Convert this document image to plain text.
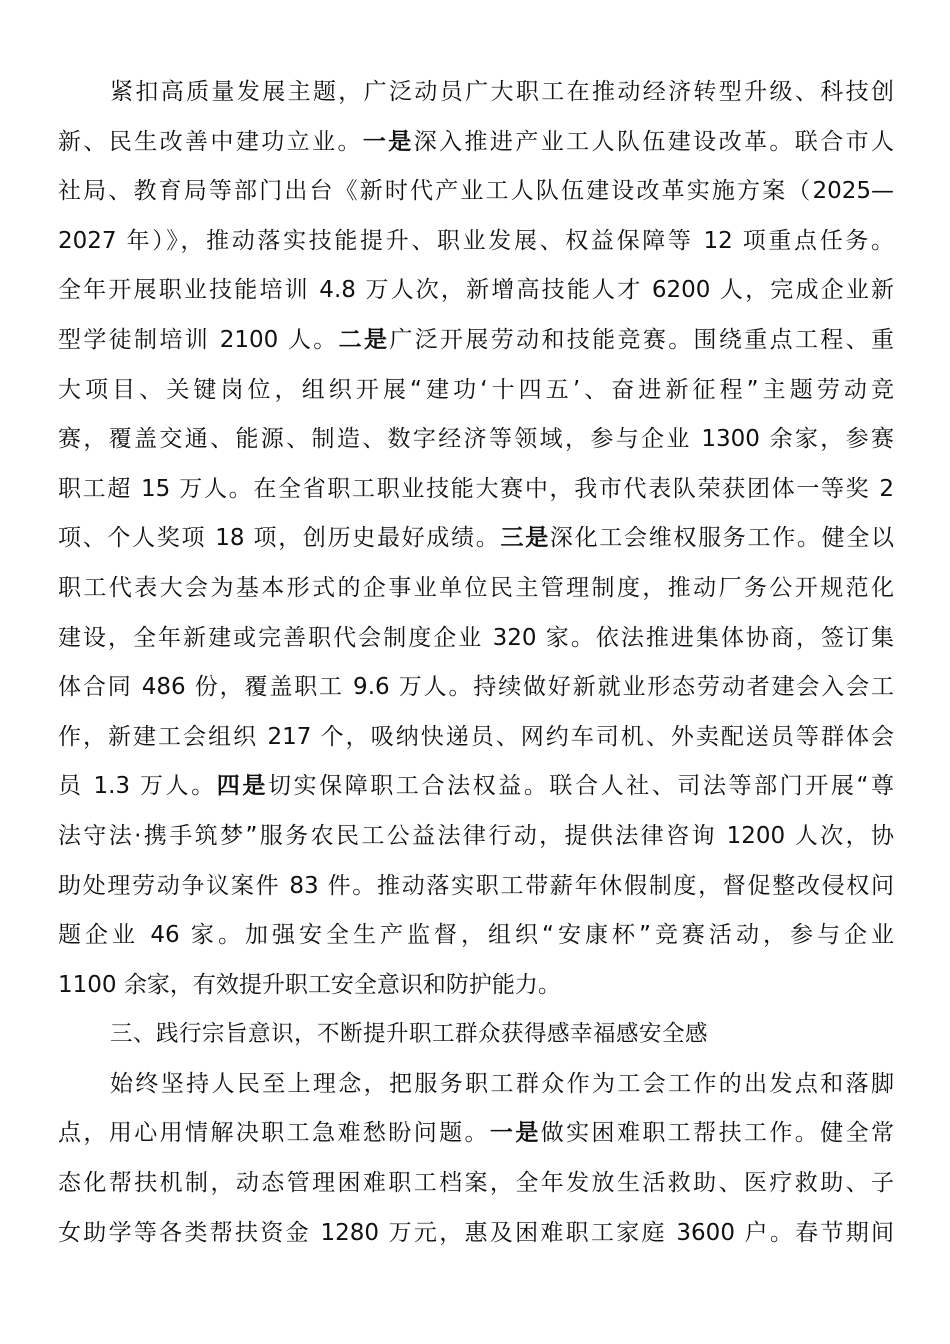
紧扣高质量发展主题，广泛动员广大职工在推动经济转型升级、科技创
新、民生改善中建功立业。一是深入推进产业工人队伍建设改革。联合市人
社局、教育局等部门出台《新时代产业工人队伍建设改革实施方案（2025—
2027 年）》，推动落实技能提升、职业发展、权益保障等 12 项重点任务。
全年开展职业技能培训 4.8 万人次，新增高技能人才 6200 人，完成企业新
型学徒制培训 2100 人。二是广泛开展劳动和技能竞赛。围绕重点工程、重
大项目、关键岗位，组织开展“建功‘十四五’、奋进新征程”主题劳动竞
赛，覆盖交通、能源、制造、数字经济等领域，参与企业 1300 余家，参赛
职工超 15 万人。在全省职工职业技能大赛中，我市代表队荣获团体一等奖 2
项、个人奖项 18 项，创历史最好成绩。三是深化工会维权服务工作。健全以
职工代表大会为基本形式的企事业单位民主管理制度，推动厂务公开规范化
建设，全年新建或完善职代会制度企业 320 家。依法推进集体协商，签订集
体合同 486 份，覆盖职工 9.6 万人。持续做好新就业形态劳动者建会入会工
作，新建工会组织 217 个，吸纳快递员、网约车司机、外卖配送员等群体会
员 1.3 万人。四是切实保障职工合法权益。联合人社、司法等部门开展“尊
法守法·携手筑梦”服务农民工公益法律行动，提供法律咨询 1200 人次，协
助处理劳动争议案件 83 件。推动落实职工带薪年休假制度，督促整改侵权问
题企业 46 家。加强安全生产监督，组织“安康杯”竞赛活动，参与企业
1100 余家，有效提升职工安全意识和防护能力。
三、践行宗旨意识，不断提升职工群众获得感幸福感安全感
始终坚持人民至上理念，把服务职工群众作为工会工作的出发点和落脚
点，用心用情解决职工急难愁盼问题。一是做实困难职工帮扶工作。健全常
态化帮扶机制，动态管理困难职工档案，全年发放生活救助、医疗救助、子
女助学等各类帮扶资金 1280 万元，惠及困难职工家庭 3600 户。春节期间
